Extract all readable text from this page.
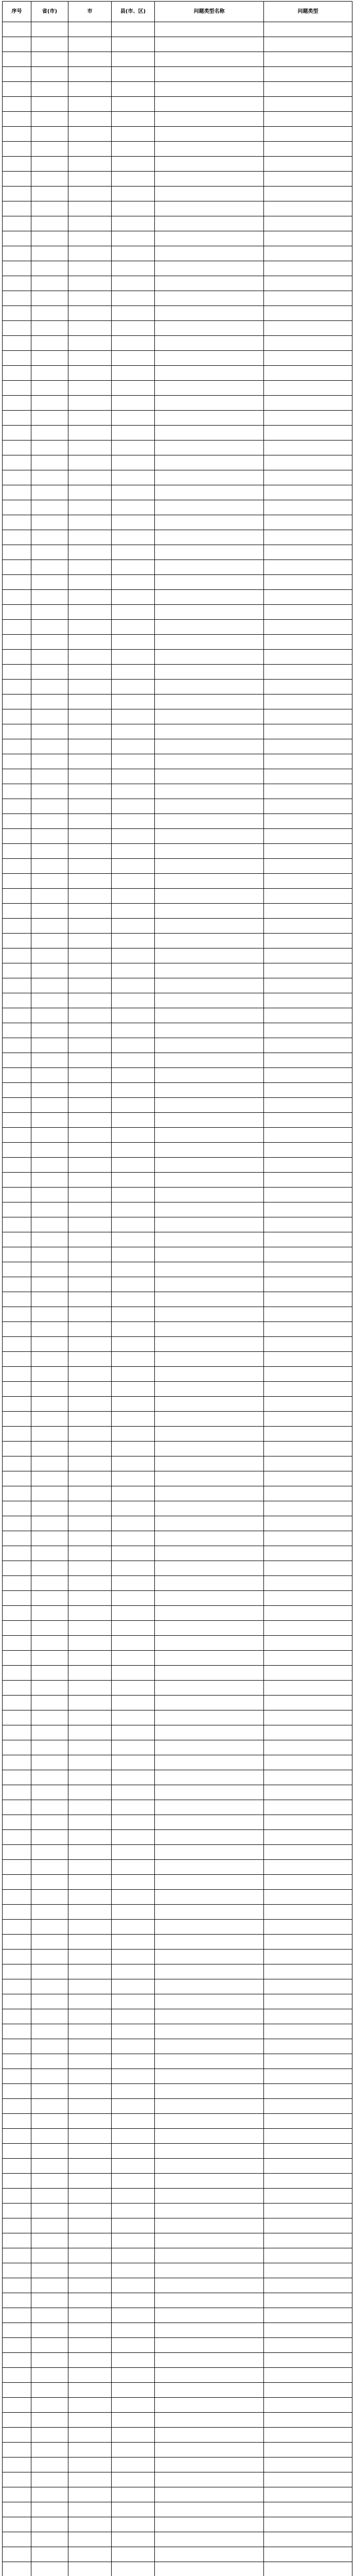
序号	省(市)	市	县(市、区)	问题类型名称	问题类型
